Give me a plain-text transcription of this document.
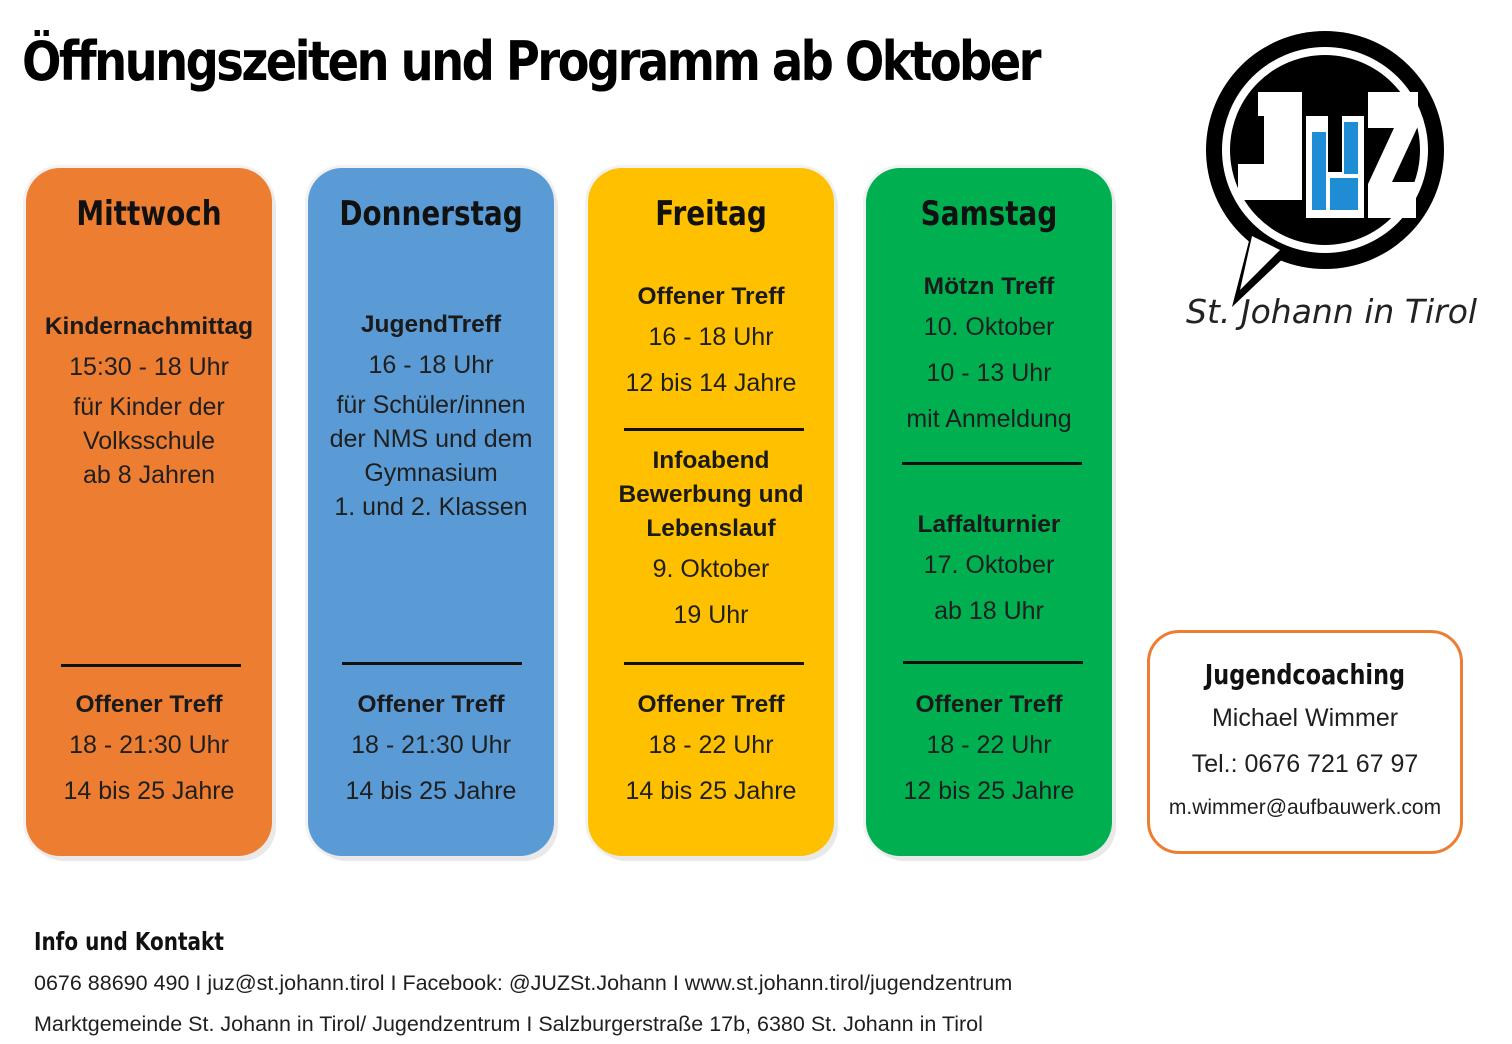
Öffnungszeiten und Programm ab Oktober
St. Johann in Tirol
Mittwoch
Kindernachmittag
15:30 - 18 Uhr
für Kinder der
Volksschule
ab 8 Jahren
Offener Treff
18 - 21:30 Uhr
14 bis 25 Jahre
Donnerstag
JugendTreff
16 - 18 Uhr
für Schüler/innen
der NMS und dem
Gymnasium
1. und 2. Klassen
Offener Treff
18 - 21:30 Uhr
14 bis 25 Jahre
Freitag
Offener Treff
16 - 18 Uhr
12 bis 14 Jahre
Infoabend
Bewerbung und
Lebenslauf
9. Oktober
19 Uhr
Offener Treff
18 - 22 Uhr
14 bis 25 Jahre
Samstag
Mötzn Treff
10. Oktober
10 - 13 Uhr
mit Anmeldung
Laffalturnier
17. Oktober
ab 18 Uhr
Offener Treff
18 - 22 Uhr
12 bis 25 Jahre
Jugendcoaching
Michael Wimmer
Tel.: 0676 721 67 97
m.wimmer@aufbauwerk.com
Info und Kontakt
0676 88690 490 I juz@st.johann.tirol I Facebook: @JUZSt.Johann I www.st.johann.tirol/jugendzentrum
Marktgemeinde St. Johann in Tirol/ Jugendzentrum I Salzburgerstraße 17b, 6380 St. Johann in Tirol
